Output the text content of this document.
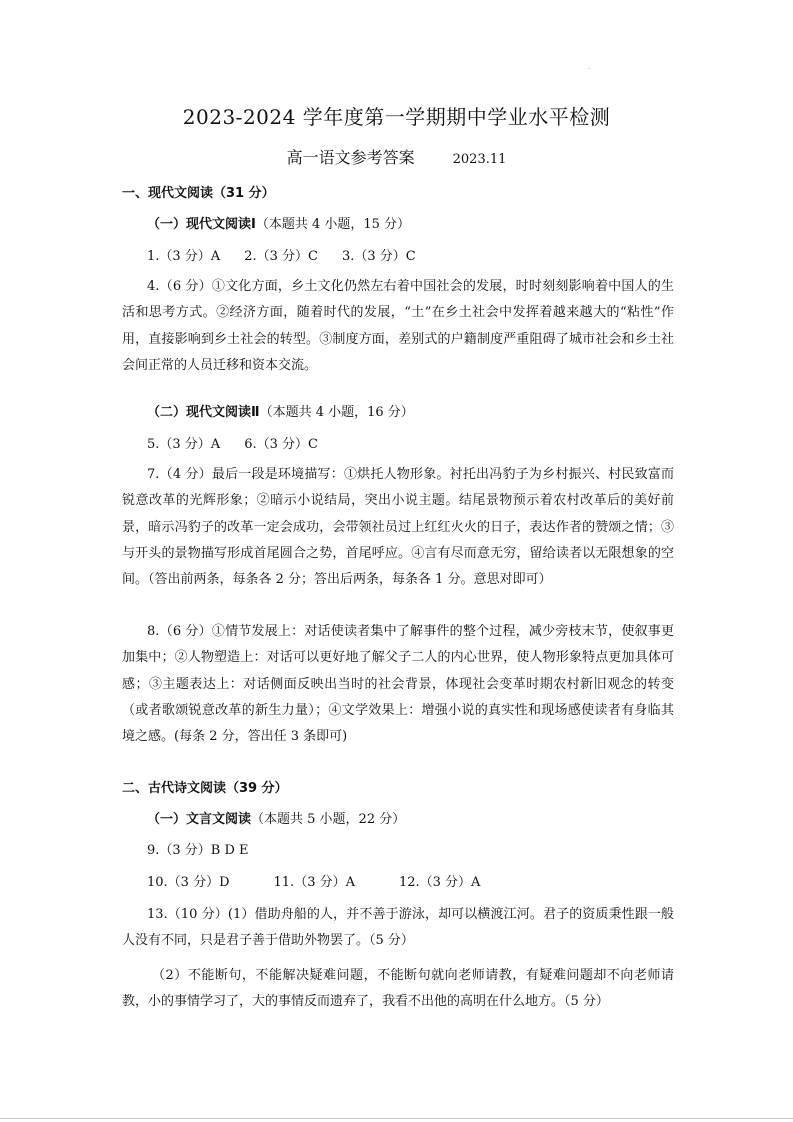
·
2023-2024 学年度第一学期期中学业水平检测
高一语文参考答案	2023.11
一、现代文阅读（31 分）
（一）现代文阅读Ⅰ（本题共 4 小题，15 分）
1.（3 分）A 2.（3 分）C 3.（3 分）C
4.（6 分）①文化方面，乡土文化仍然左右着中国社会的发展，时时刻刻影响着中国人的生活和思考方式。②经济方面，随着时代的发展，“土”在乡土社会中发挥着越来越大的“粘性”作用，直接影响到乡土社会的转型。③制度方面，差别式的户籍制度严重阻碍了城市社会和乡土社会间正常的人员迁移和资本交流。
（二）现代文阅读Ⅱ（本题共 4 小题，16 分）
5.（3 分）A 6.（3 分）C
7.（4 分）最后一段是环境描写：①烘托人物形象。衬托出冯豹子为乡村振兴、村民致富而锐意改革的光辉形象；②暗示小说结局，突出小说主题。结尾景物预示着农村改革后的美好前景，暗示冯豹子的改革一定会成功，会带领社员过上红红火火的日子，表达作者的赞颂之情；③与开头的景物描写形成首尾圆合之势，首尾呼应。④言有尽而意无穷，留给读者以无限想象的空间。（答出前两条，每条各 2 分；答出后两条，每条各 1 分。意思对即可）
8.（6 分）①情节发展上：对话使读者集中了解事件的整个过程，减少旁枝末节，使叙事更加集中；②人物塑造上：对话可以更好地了解父子二人的内心世界，使人物形象特点更加具体可感；③主题表达上：对话侧面反映出当时的社会背景，体现社会变革时期农村新旧观念的转变（或者歌颂锐意改革的新生力量）；④文学效果上：增强小说的真实性和现场感使读者有身临其境之感。(每条 2 分，答出任 3 条即可)
二、古代诗文阅读（39 分）
（一）文言文阅读（本题共 5 小题，22 分）
9.（3 分）B D E
10.（3 分）D	11.（3 分）A	12.（3 分）A
13.（10 分）(1）借助舟船的人，并不善于游泳，却可以横渡江河。君子的资质秉性跟一般人没有不同，只是君子善于借助外物罢了。（5 分）
（2）不能断句，不能解决疑难问题，不能断句就向老师请教，有疑难问题却不向老师请教，小的事情学习了，大的事情反而遗弃了，我看不出他的高明在什么地方。（5 分）
